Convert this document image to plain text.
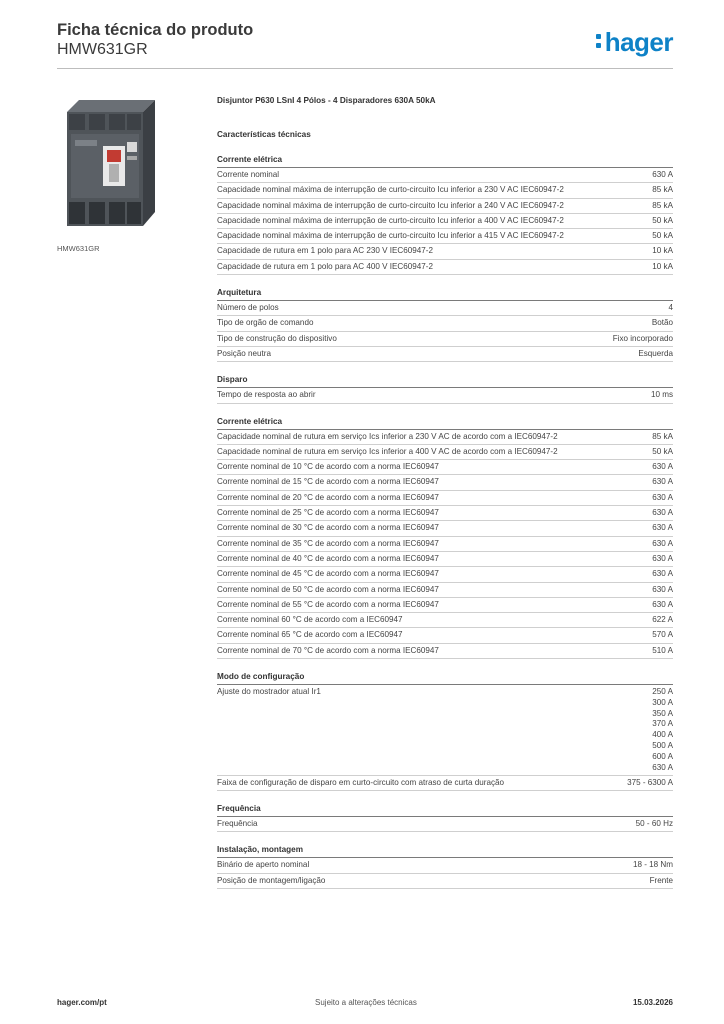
Ficha técnica do produto
HMW631GR	hager
HMW631GR
Disjuntor P630 LSnI 4 Pólos - 4 Disparadores 630A 50kA
Características técnicas
Corrente elétrica
Corrente nominal	630 A
Capacidade nominal máxima de interrupção de curto-circuito Icu inferior a 230 V AC IEC60947-2	85 kA
Capacidade nominal máxima de interrupção de curto-circuito Icu inferior a 240 V AC IEC60947-2	85 kA
Capacidade nominal máxima de interrupção de curto-circuito Icu inferior a 400 V AC IEC60947-2	50 kA
Capacidade nominal máxima de interrupção de curto-circuito Icu inferior a 415 V AC IEC60947-2	50 kA
Capacidade de rutura em 1 polo para AC 230 V IEC60947-2	10 kA
Capacidade de rutura em 1 polo para AC 400 V IEC60947-2	10 kA
Arquitetura
Número de polos	4
Tipo de orgão de comando	Botão
Tipo de construção do dispositivo	Fixo incorporado
Posição neutra	Esquerda
Disparo
Tempo de resposta ao abrir	10 ms
Corrente elétrica
Capacidade nominal de rutura em serviço Ics inferior a 230 V AC de acordo com a IEC60947-2	85 kA
Capacidade nominal de rutura em serviço Ics inferior a 400 V AC de acordo com a IEC60947-2	50 kA
Corrente nominal de 10 °C de acordo com a norma IEC60947	630 A
Corrente nominal de 15 °C de acordo com a norma IEC60947	630 A
Corrente nominal de 20 °C de acordo com a norma IEC60947	630 A
Corrente nominal de 25 °C de acordo com a norma IEC60947	630 A
Corrente nominal de 30 °C de acordo com a norma IEC60947	630 A
Corrente nominal de 35 °C de acordo com a norma IEC60947	630 A
Corrente nominal de 40 °C de acordo com a norma IEC60947	630 A
Corrente nominal de 45 °C de acordo com a norma IEC60947	630 A
Corrente nominal de 50 °C de acordo com a norma IEC60947	630 A
Corrente nominal de 55 °C de acordo com a norma IEC60947	630 A
Corrente nominal 60 °C de acordo com a IEC60947	622 A
Corrente nominal 65 °C de acordo com a IEC60947	570 A
Corrente nominal de 70 °C de acordo com a norma IEC60947	510 A
Modo de configuração
Ajuste do mostrador atual Ir1	250 A
300 A
350 A
370 A
400 A
500 A
600 A
630 A
Faixa de configuração de disparo em curto-circuito com atraso de curta duração	375 - 6300 A
Frequência
Frequência	50 - 60 Hz
Instalação, montagem
Binário de aperto nominal	18 - 18 Nm
Posição de montagem/ligação	Frente
hager.com/pt	Sujeito a alterações técnicas	15.03.2026
